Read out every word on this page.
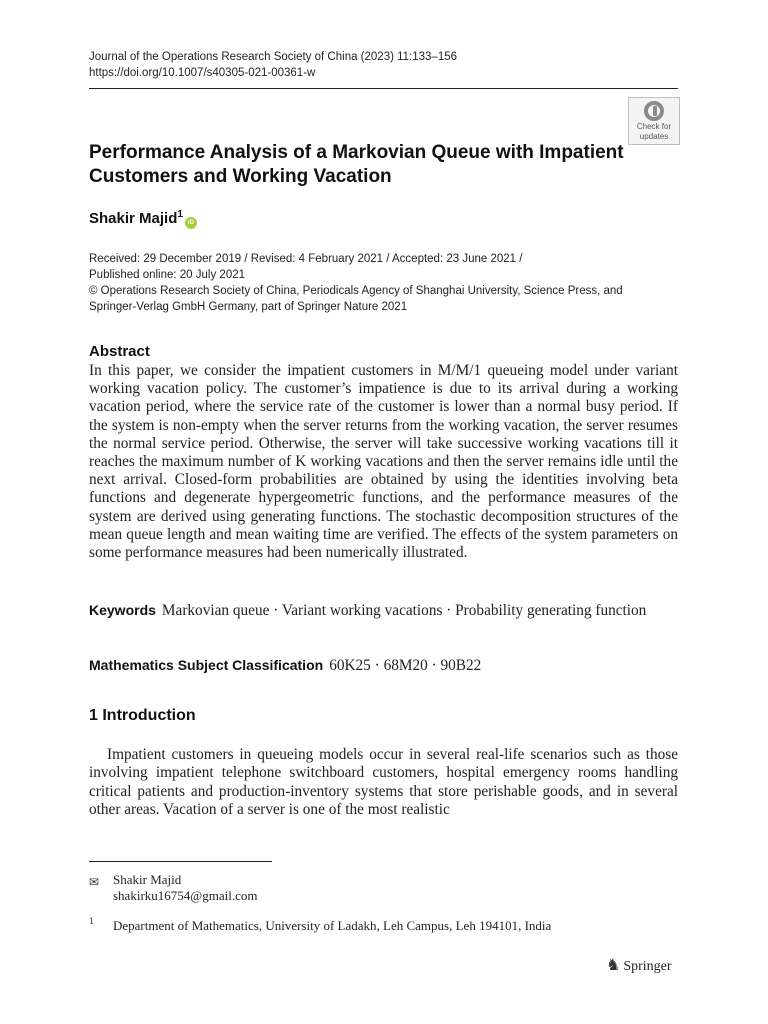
Journal of the Operations Research Society of China (2023) 11:133–156
https://doi.org/10.1007/s40305-021-00361-w
Check for
updates
Performance Analysis of a Markovian Queue with Impatient Customers and Working Vacation
Shakir Majid$^1$iD
Received: 29 December 2019 / Revised: 4 February 2021 / Accepted: 23 June 2021 /
Published online: 20 July 2021
© Operations Research Society of China, Periodicals Agency of Shanghai University, Science Press, and
Springer-Verlag GmbH Germany, part of Springer Nature 2021
Abstract
In this paper, we consider the impatient customers in M/M/1 queueing model under variant working vacation policy. The customer’s impatience is due to its arrival during a working vacation period, where the service rate of the customer is lower than a normal busy period. If the system is non-empty when the server returns from the working vacation, the server resumes the normal service period. Otherwise, the server will take successive working vacations till it reaches the maximum number of K working vacations and then the server remains idle until the next arrival. Closed-form probabilities are obtained by using the identities involving beta functions and degenerate hypergeometric functions, and the performance measures of the system are derived using generating functions. The stochastic decomposition structures of the mean queue length and mean waiting time are verified. The effects of the system parameters on some performance measures had been numerically illustrated.
Keywords Markovian queue · Variant working vacations · Probability generating function
Mathematics Subject Classification 60K25 · 68M20 · 90B22
1 Introduction
Impatient customers in queueing models occur in several real-life scenarios such as those involving impatient telephone switchboard customers, hospital emergency rooms handling critical patients and production-inventory systems that store perishable goods, and in several other areas. Vacation of a server is one of the most realistic
✉ Shakir Majid
shakirku16754@gmail.com
1 Department of Mathematics, University of Ladakh, Leh Campus, Leh 194101, India
♞ Springer
